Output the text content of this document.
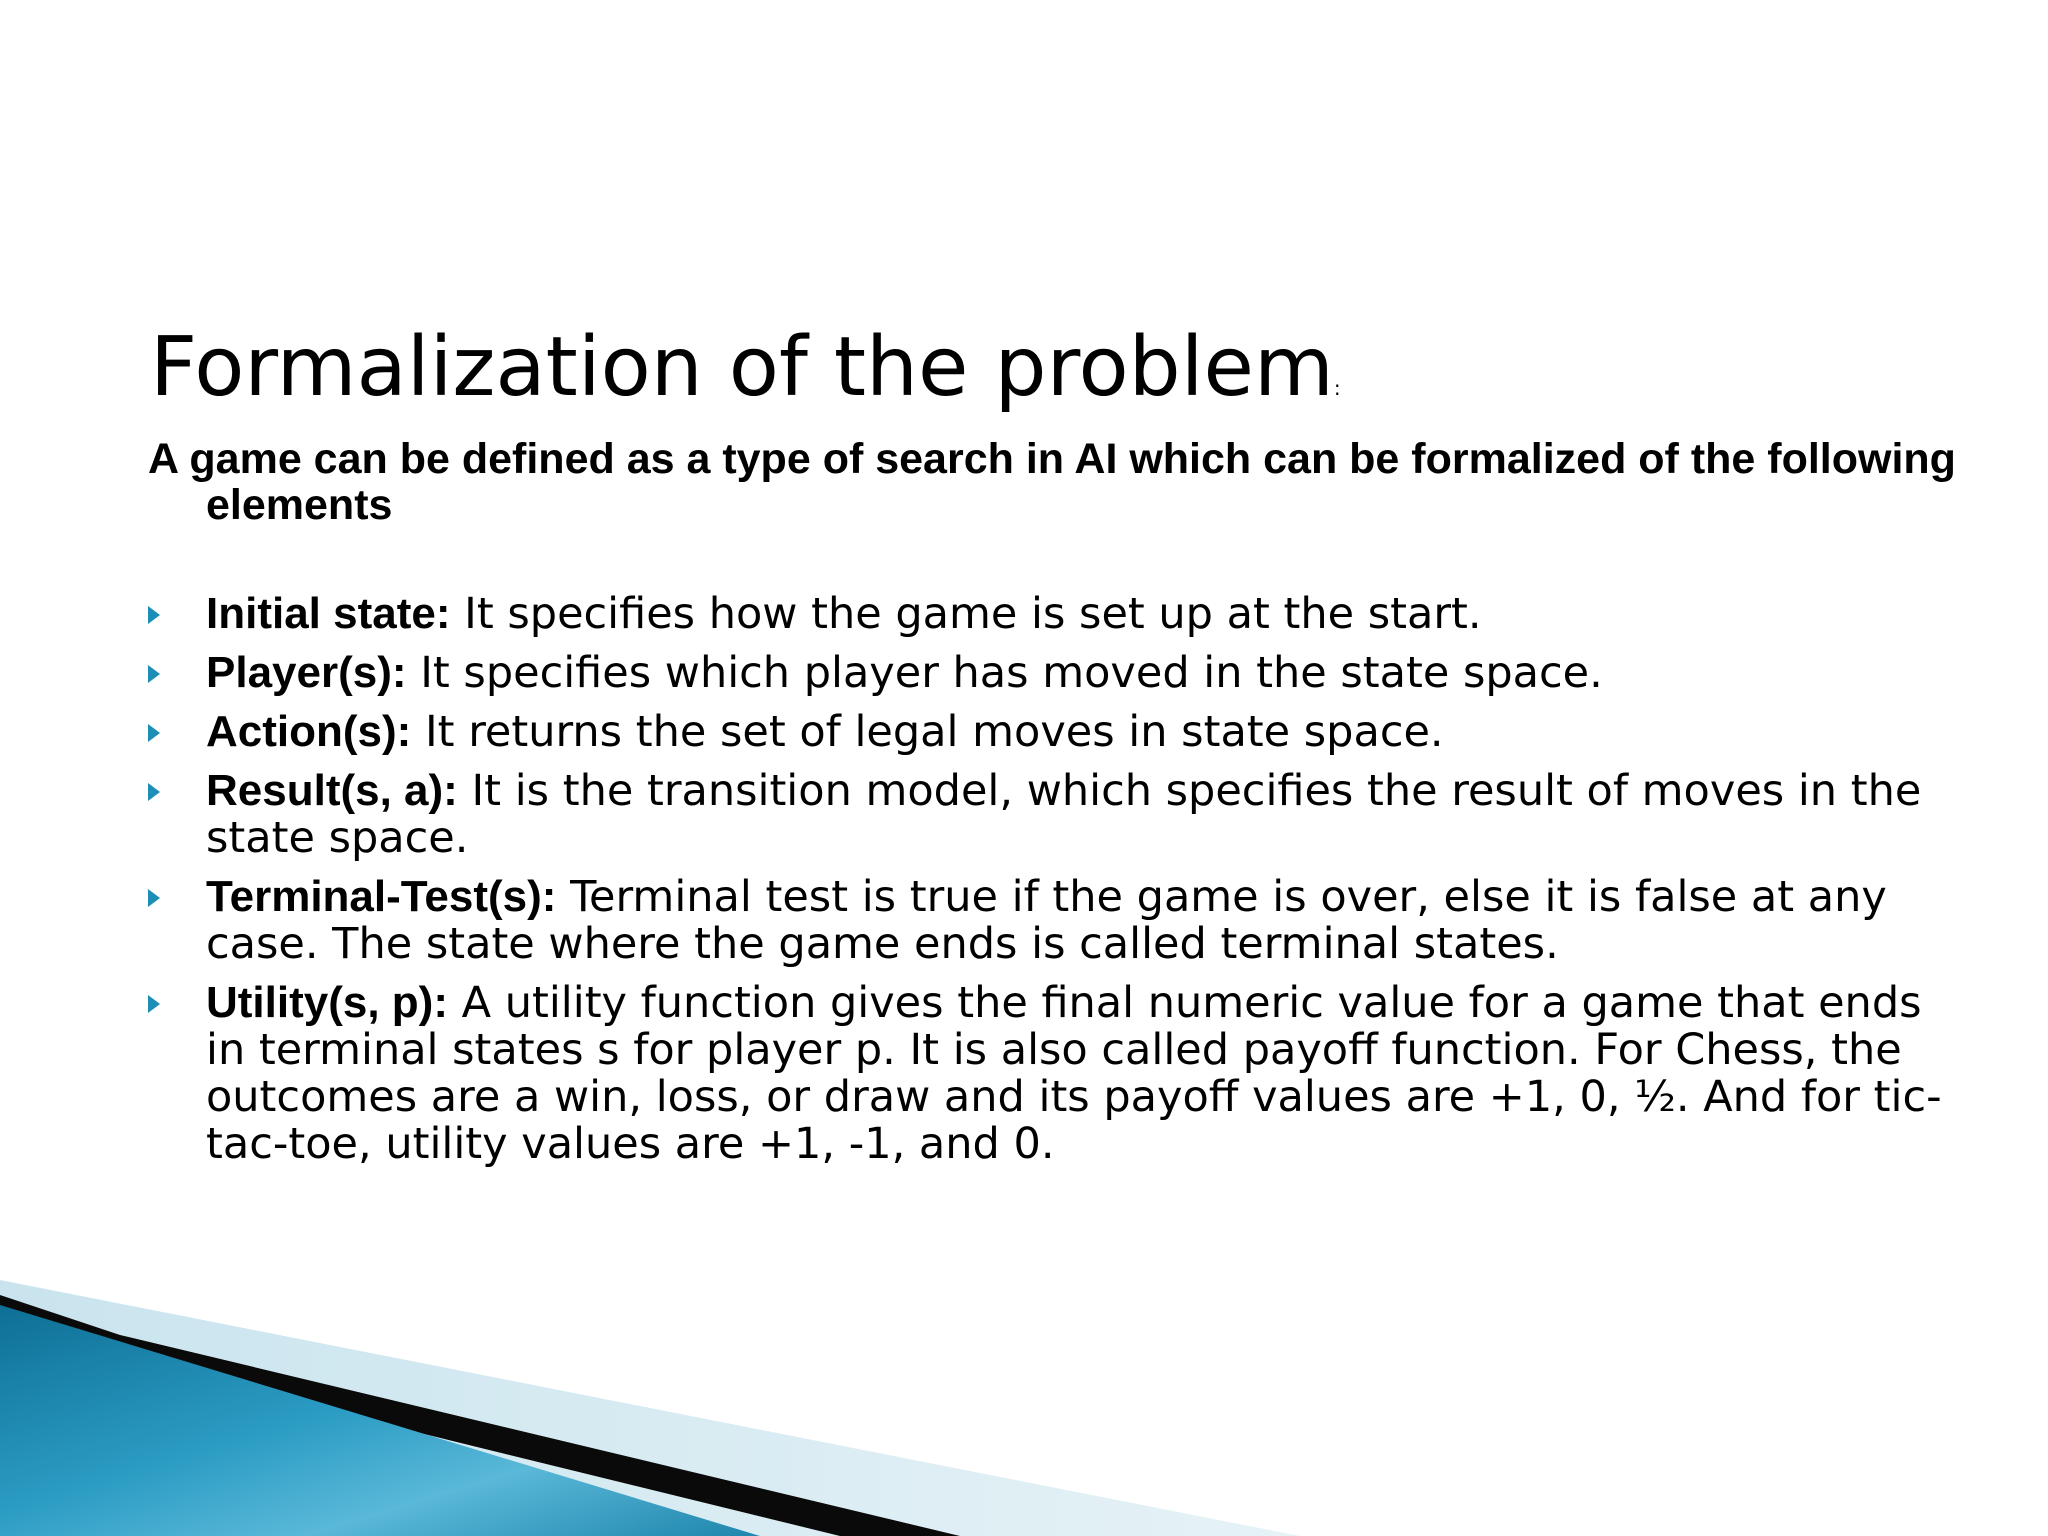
Formalization of the problem:

A game can be defined as a type of search in AI which can be formalized of the following elements

Initial state: It specifies how the game is set up at the start.
Player(s): It specifies which player has moved in the state space.
Action(s): It returns the set of legal moves in state space.
Result(s, a): It is the transition model, which specifies the result of moves in the state space.
Terminal-Test(s): Terminal test is true if the game is over, else it is false at any case. The state where the game ends is called terminal states.
Utility(s, p): A utility function gives the final numeric value for a game that ends in terminal states s for player p. It is also called payoff function. For Chess, the outcomes are a win, loss, or draw and its payoff values are +1, 0, ½. And for tic-tac-toe, utility values are +1, -1, and 0.
